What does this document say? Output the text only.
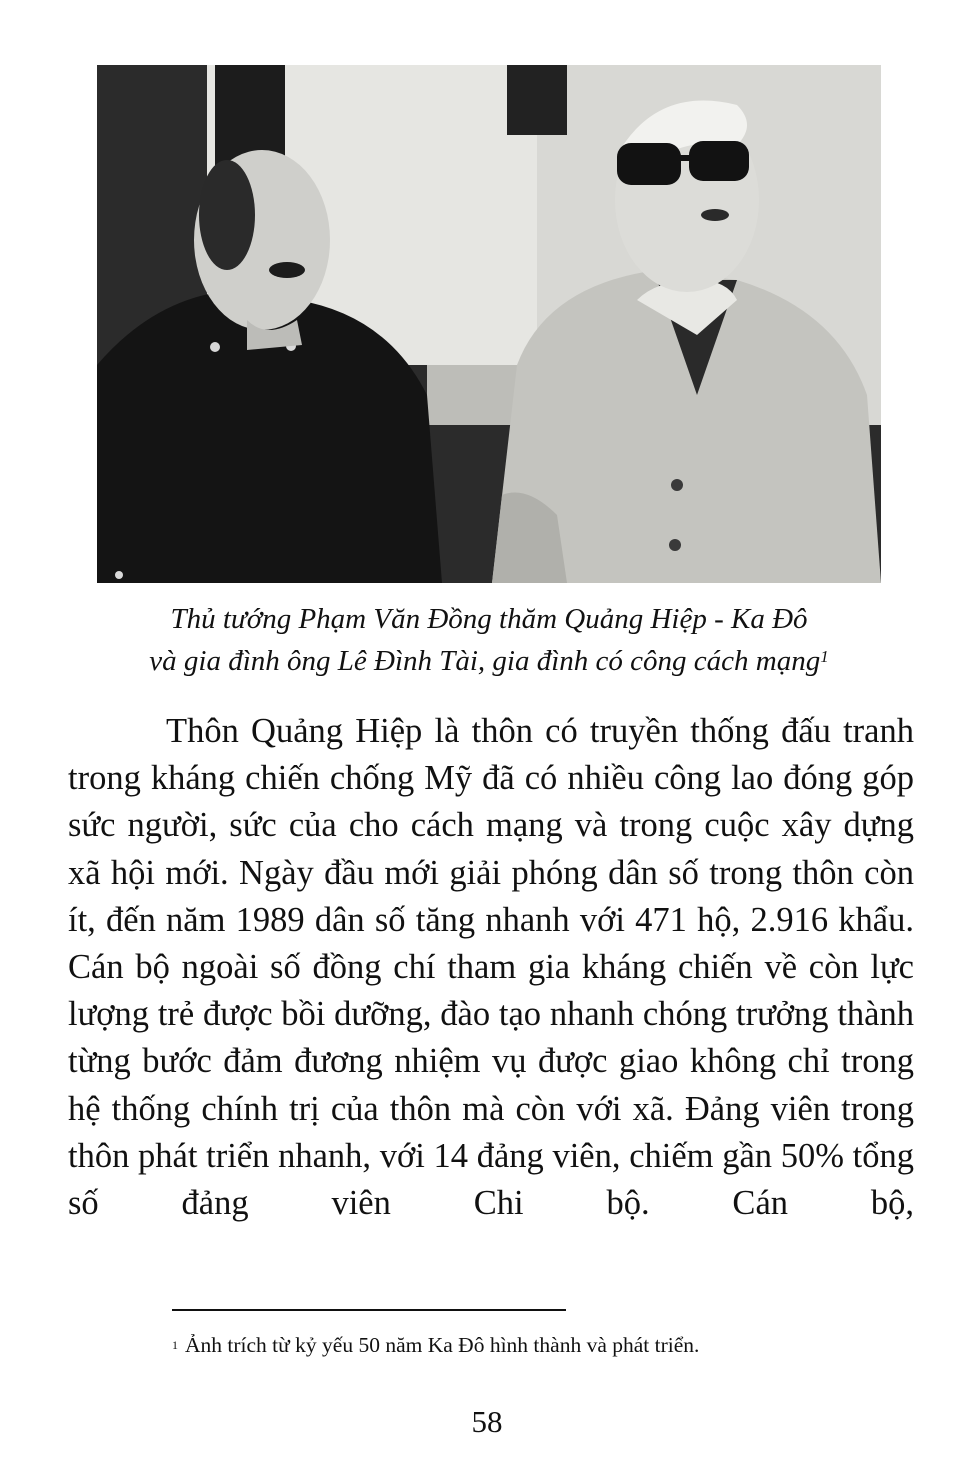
Thủ tướng Phạm Văn Đồng thăm Quảng Hiệp - Ka Đô
và gia đình ông Lê Đình Tài, gia đình có công cách mạng$^1$

Thôn Quảng Hiệp là thôn có truyền thống đấu tranh trong kháng chiến chống Mỹ đã có nhiều công lao đóng góp sức người, sức của cho cách mạng và trong cuộc xây dựng xã hội mới. Ngày đầu mới giải phóng dân số trong thôn còn ít, đến năm 1989 dân số tăng nhanh với 471 hộ, 2.916 khẩu. Cán bộ ngoài số đồng chí tham gia kháng chiến về còn lực lượng trẻ được bồi dưỡng, đào tạo nhanh chóng trưởng thành từng bước đảm đương nhiệm vụ được giao không chỉ trong hệ thống chính trị của thôn mà còn với xã. Đảng viên trong thôn phát triển nhanh, với 14 đảng viên, chiếm gần 50% tổng số đảng viên Chi bộ. Cán bộ,

$^1$ Ảnh trích từ kỷ yếu 50 năm Ka Đô hình thành và phát triển.
58
